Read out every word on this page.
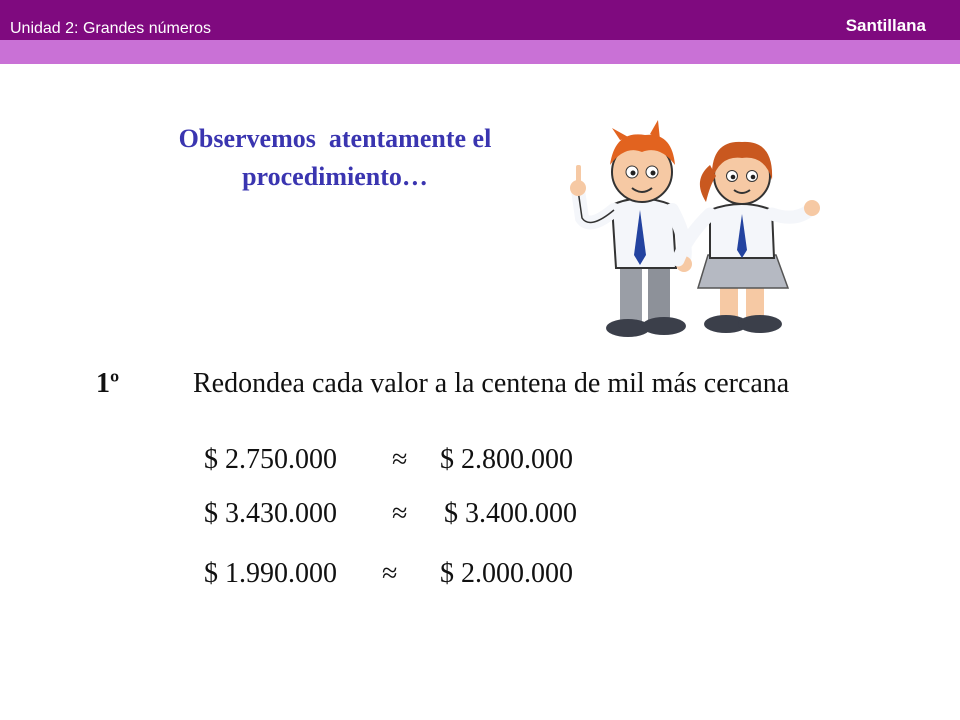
Unidad 2: Grandes números	Santillana
Observemos  atentamente el
procedimiento…
1º	Redondea cada valor a la centena de mil más cercana
$ 2.750.000 ≈ $ 2.800.000
$ 3.430.000 ≈ $ 3.400.000
$ 1.990.000 ≈ $ 2.000.000
